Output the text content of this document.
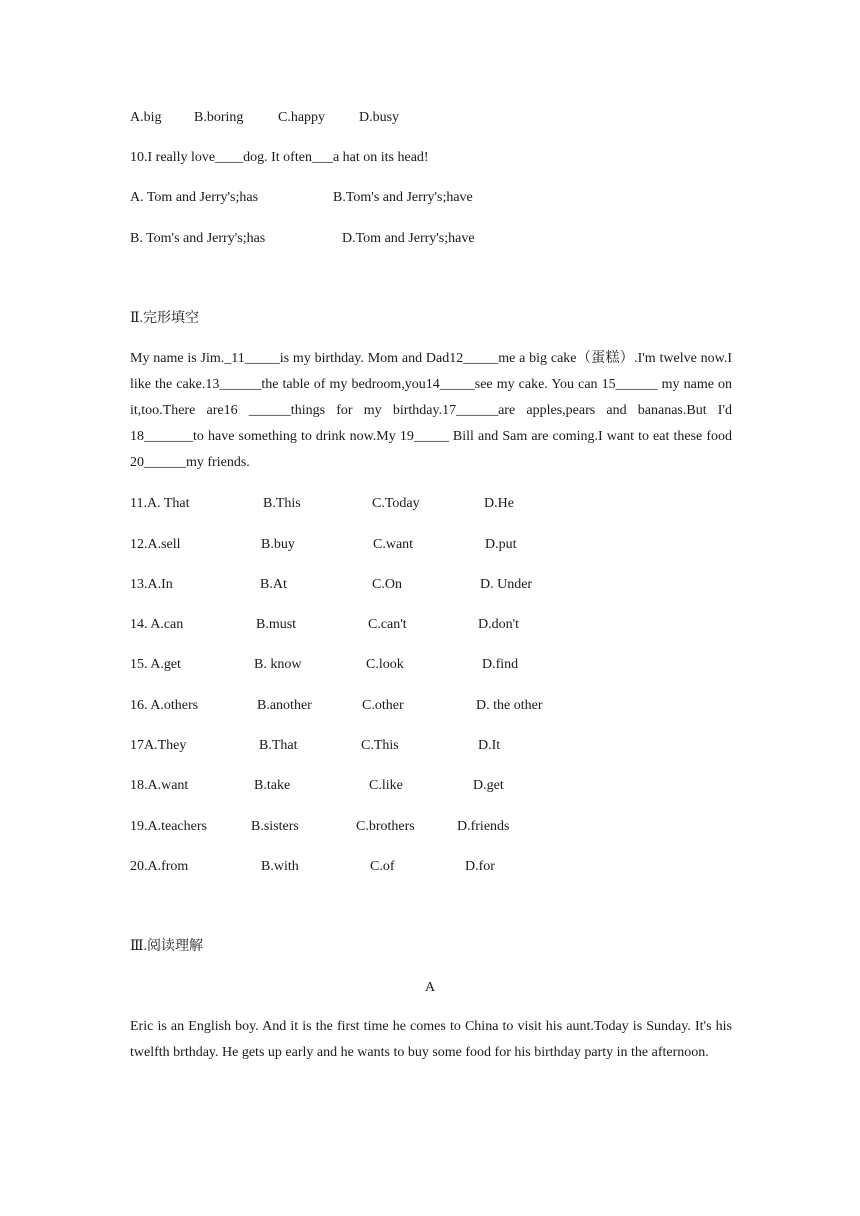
A.big B.boring C.happy D.busy
10.I really love____dog. It often___a hat on its head!
A. Tom and Jerry's;has	B.Tom's and Jerry's;have
B. Tom's and Jerry's;has	D.Tom and Jerry's;have
Ⅱ.完形填空
My name is Jim._11_____is my birthday. Mom and Dad12_____me a big cake（蛋糕）.I'm twelve now.I like the cake.13______the table of my bedroom,you14_____see my cake. You can 15______ my name on it,too.There are16 ______things for my birthday.17______are apples,pears and bananas.But I'd 18_______to have something to drink now.My 19_____ Bill and Sam are coming.I want to eat these food 20______my friends.
11.A. That	B.This	C.Today	D.He
12.A.sell	B.buy	C.want	D.put
13.A.In	B.At	C.On	D. Under
14. A.can	B.must	C.can't	D.don't
15. A.get	B. know	C.look	D.find
16. A.others	B.another	C.other	D. the other
17A.They	B.That	C.This	D.It
18.A.want	B.take	C.like	D.get
19.A.teachers	B.sisters	C.brothers	D.friends
20.A.from	B.with	C.of	D.for
Ⅲ.阅读理解
A
Eric is an English boy. And it is the first time he comes to China to visit his aunt.Today is Sunday. It's his twelfth brthday. He gets up early and he wants to buy some food for his birthday party in the afternoon.
